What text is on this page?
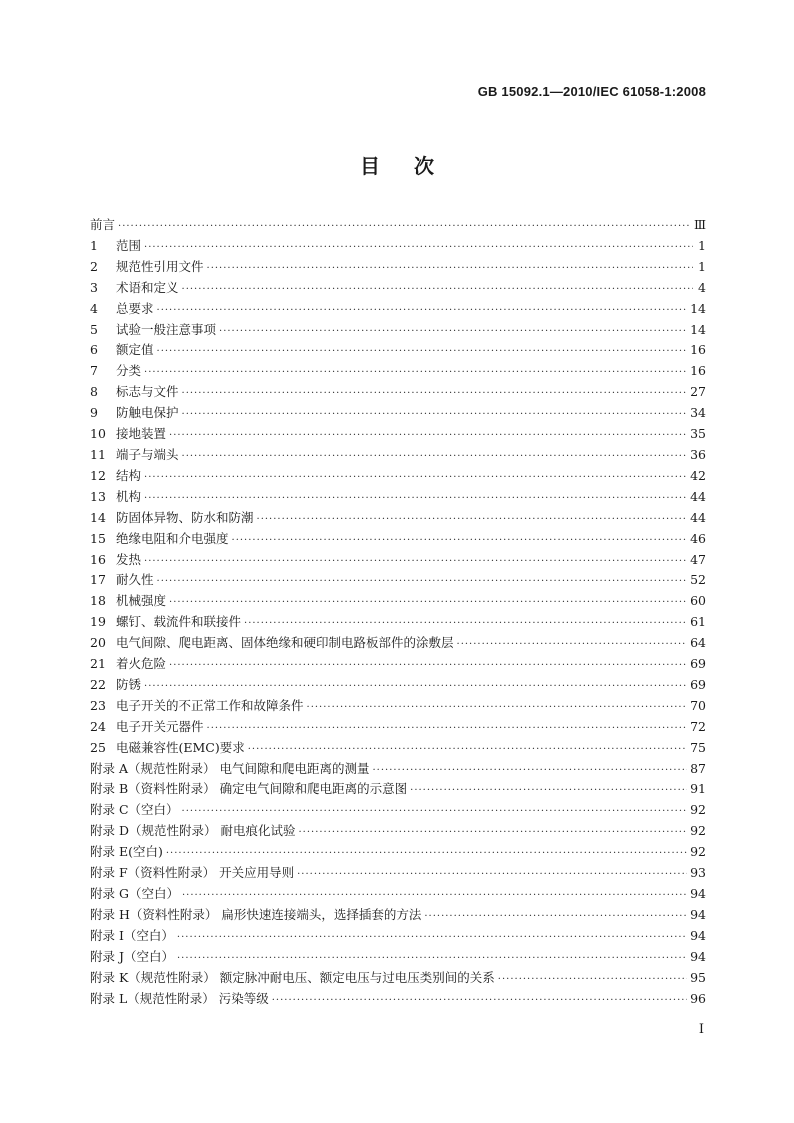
GB 15092.1—2010/IEC 61058-1:2008
目 次
前言 ·····	Ⅲ
1	范围 ·····	1
2	规范性引用文件 ·····	1
3	术语和定义 ·····	4
4	总要求 ·····	14
5	试验一般注意事项 ·····	14
6	额定值 ·····	16
7	分类 ·····	16
8	标志与文件 ·····	27
9	防触电保护 ·····	34
10 接地装置 ·····	35
11 端子与端头 ·····	36
12 结构 ·····	42
13 机构 ·····	44
14 防固体异物、防水和防潮 ·····	44
15 绝缘电阻和介电强度 ·····	46
16 发热 ·····	47
17 耐久性 ·····	52
18 机械强度 ·····	60
19 螺钉、载流件和联接件 ·····	61
20 电气间隙、爬电距离、固体绝缘和硬印制电路板部件的涂敷层 ·····	64
21 着火危险 ·····	69
22 防锈 ·····	69
23 电子开关的不正常工作和故障条件 ·····	70
24 电子开关元器件 ·····	72
25 电磁兼容性(EMC)要求 ·····	75
附录 A（规范性附录） 电气间隙和爬电距离的测量 ·····	87
附录 B（资料性附录） 确定电气间隙和爬电距离的示意图 ·····	91
附录 C（空白） ·····	92
附录 D（规范性附录） 耐电痕化试验 ·····	92
附录 E(空白) ·····	92
附录 F（资料性附录） 开关应用导则 ·····	93
附录 G（空白） ·····	94
附录 H（资料性附录） 扁形快速连接端头，选择插套的方法 ·····	94
附录 I（空白） ·····	94
附录 J（空白） ·····	94
附录 K（规范性附录） 额定脉冲耐电压、额定电压与过电压类别间的关系 ·····	95
附录 L（规范性附录） 污染等级 ·····	96
I
